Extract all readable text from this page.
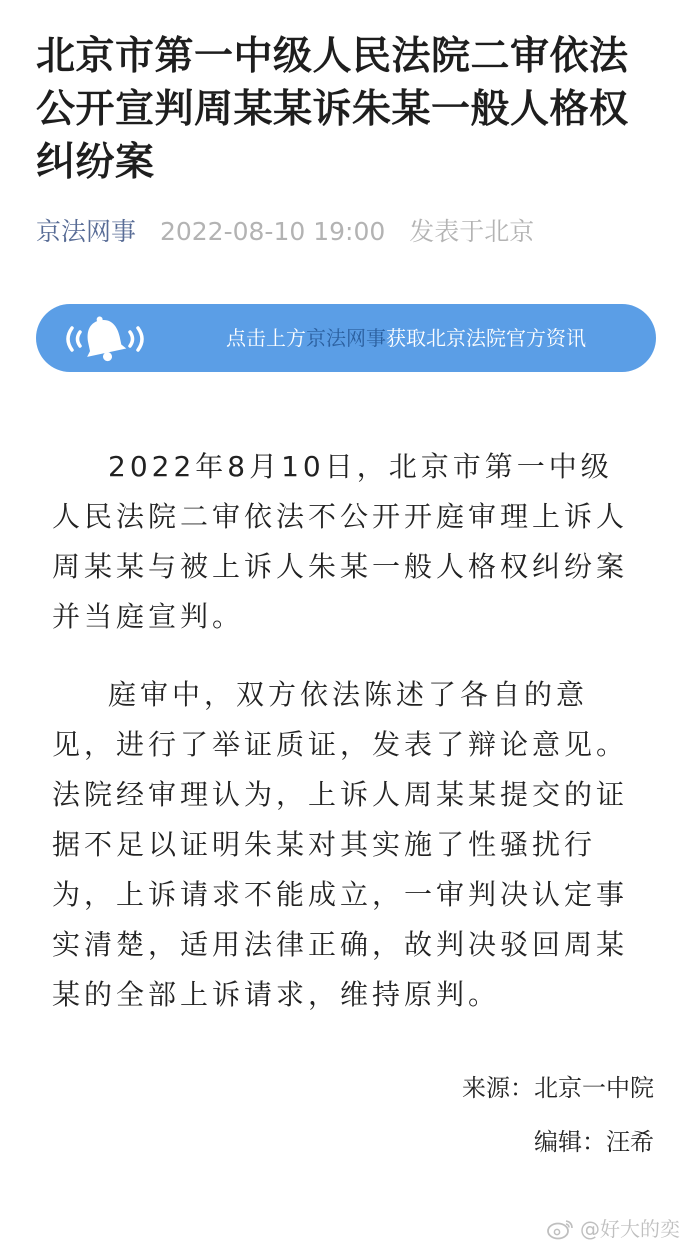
北京市第一中级人民法院二审依法公开宣判周某某诉朱某一般人格权纠纷案
京法网事 2022-08-10 19:00 发表于北京
点击上方京法网事获取北京法院官方资讯

2022年8月10日，北京市第一中级人民法院二审依法不公开开庭审理上诉人周某某与被上诉人朱某一般人格权纠纷案并当庭宣判。

庭审中，双方依法陈述了各自的意见，进行了举证质证，发表了辩论意见。法院经审理认为，上诉人周某某提交的证据不足以证明朱某对其实施了性骚扰行为，上诉请求不能成立，一审判决认定事实清楚，适用法律正确，故判决驳回周某某的全部上诉请求，维持原判。

来源：北京一中院
编辑：汪希
@好大的奕
